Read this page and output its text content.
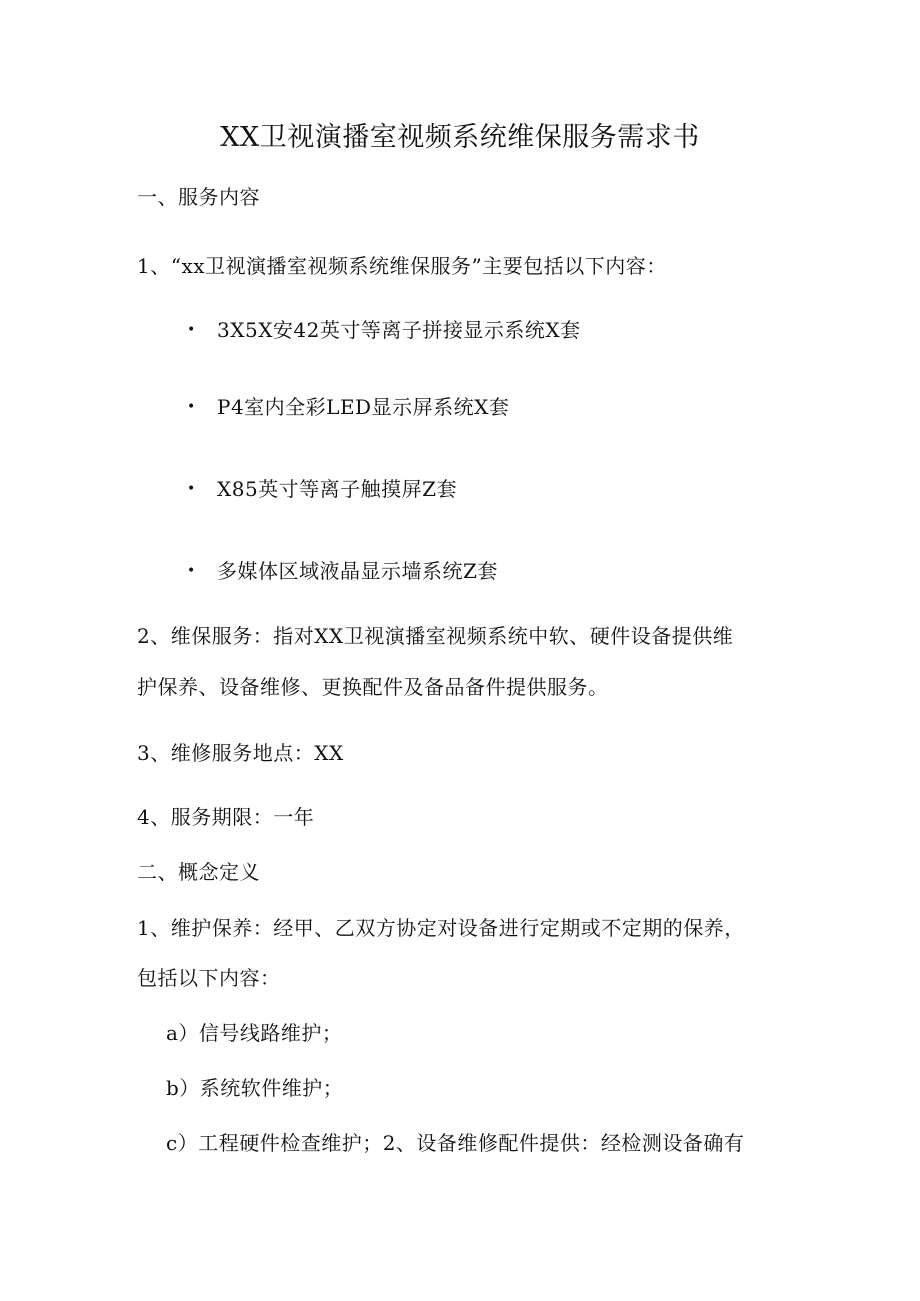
XX卫视演播室视频系统维保服务需求书
一、服务内容
1、“xx卫视演播室视频系统维保服务”主要包括以下内容：
• 3X5X安42英寸等离子拼接显示系统X套
• P4室内全彩LED显示屏系统X套
• X85英寸等离子触摸屏Z套
• 多媒体区域液晶显示墙系统Z套
2、维保服务：指对XX卫视演播室视频系统中软、硬件设备提供维
护保养、设备维修、更换配件及备品备件提供服务。
3、维修服务地点：XX
4、服务期限：一年
二、概念定义
1、维护保养：经甲、乙双方协定对设备进行定期或不定期的保养，
包括以下内容：
a）信号线路维护；
b）系统软件维护；
c）工程硬件检查维护；2、设备维修配件提供：经检测设备确有
